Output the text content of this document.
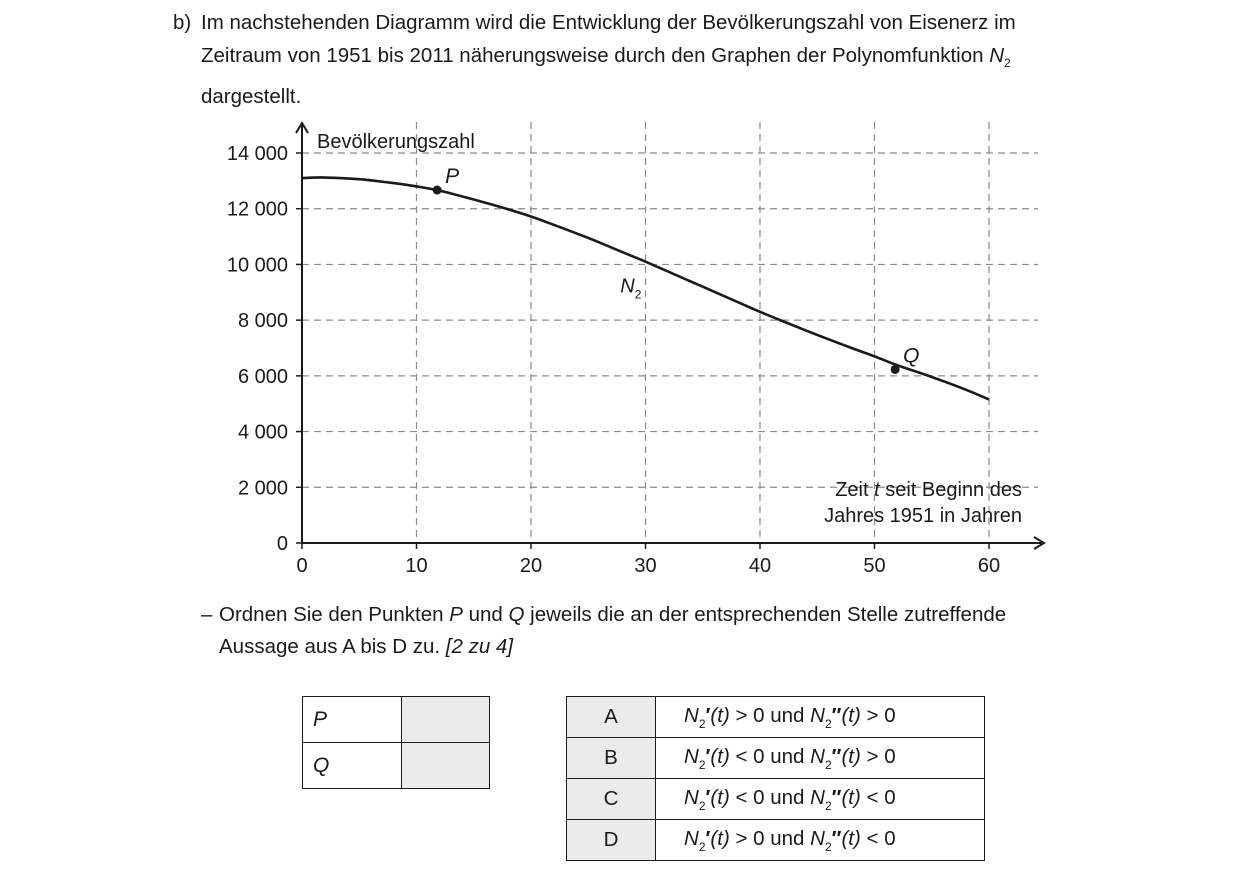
b) Im nachstehenden Diagramm wird die Entwicklung der Bevölkerungszahl von Eisenerz im
Zeitraum von 1951 bis 2011 näherungsweise durch den Graphen der Polynomfunktion $N_2$
dargestellt.
0
2 000
4 000
6 000
8 000
10 000
12 000
14 000
0	10	20	30	40	50	60
Bevölkerungszahl
Zeit t seit Beginn des
Jahres 1951 in Jahren
P
Q
$N_2$
– Ordnen Sie den Punkten P und Q jeweils die an der entsprechenden Stelle zutreffende
Aussage aus A bis D zu. [2 zu 4]
P	
Q	
A	$N_2'(t) > 0$ und $N_2''(t) > 0$
B	$N_2'(t) < 0$ und $N_2''(t) > 0$
C	$N_2'(t) < 0$ und $N_2''(t) < 0$
D	$N_2'(t) > 0$ und $N_2''(t) < 0$
